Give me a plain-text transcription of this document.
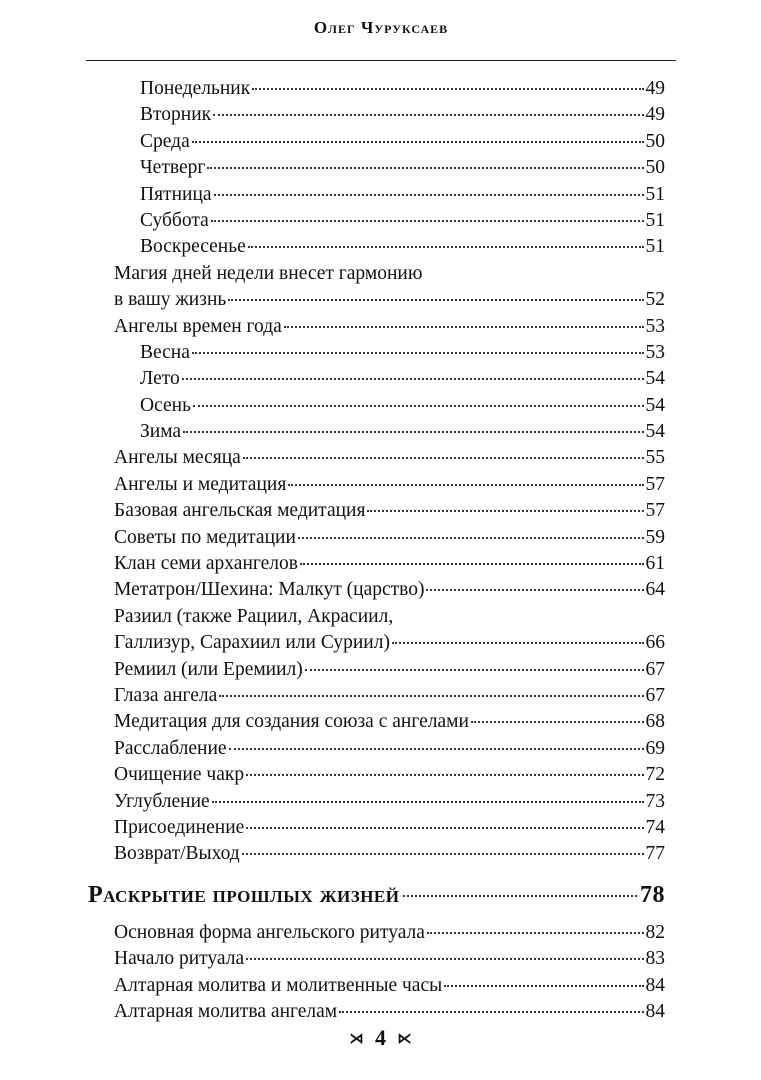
Олег Чуруксаев
Понедельник	49
Вторник	49
Среда	50
Четверг	50
Пятница	51
Суббота	51
Воскресенье	51
Магия дней недели внесет гармонию
в вашу жизнь	52
Ангелы времен года	53
Весна	53
Лето	54
Осень	54
Зима	54
Ангелы месяца	55
Ангелы и медитация	57
Базовая ангельская медитация	57
Советы по медитации	59
Клан семи архангелов	61
Метатрон/Шехина: Малкут (царство)	64
Разиил (также Рациил, Акрасиил,
Галлизур, Сарахиил или Суриил)	66
Ремиил (или Еремиил)	67
Глаза ангела	67
Медитация для создания союза с ангелами	68
Расслабление	69
Очищение чакр	72
Углубление	73
Присоединение	74
Возврат/Выход	77
Раскрытие прошлых жизней	78
Основная форма ангельского ритуала	82
Начало ритуала	83
Алтарная молитва и молитвенные часы	84
Алтарная молитва ангелам	84
⋊ 4 ⋉
